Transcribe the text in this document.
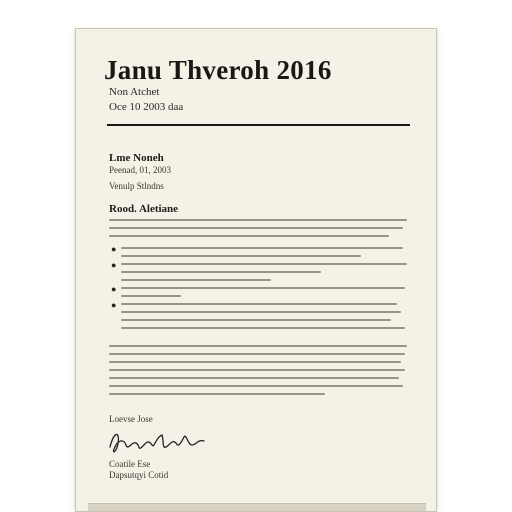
Janu Thveroh 2016
Non Atchet
Oce 10 2003 daa
Lme Noneh
Peenad, 01, 2003
Venulp Stlndns
Rood. Aletiane
●
●
●
●
Loevse Jose
Coatile Ese
Dapsutqyi Cotid
